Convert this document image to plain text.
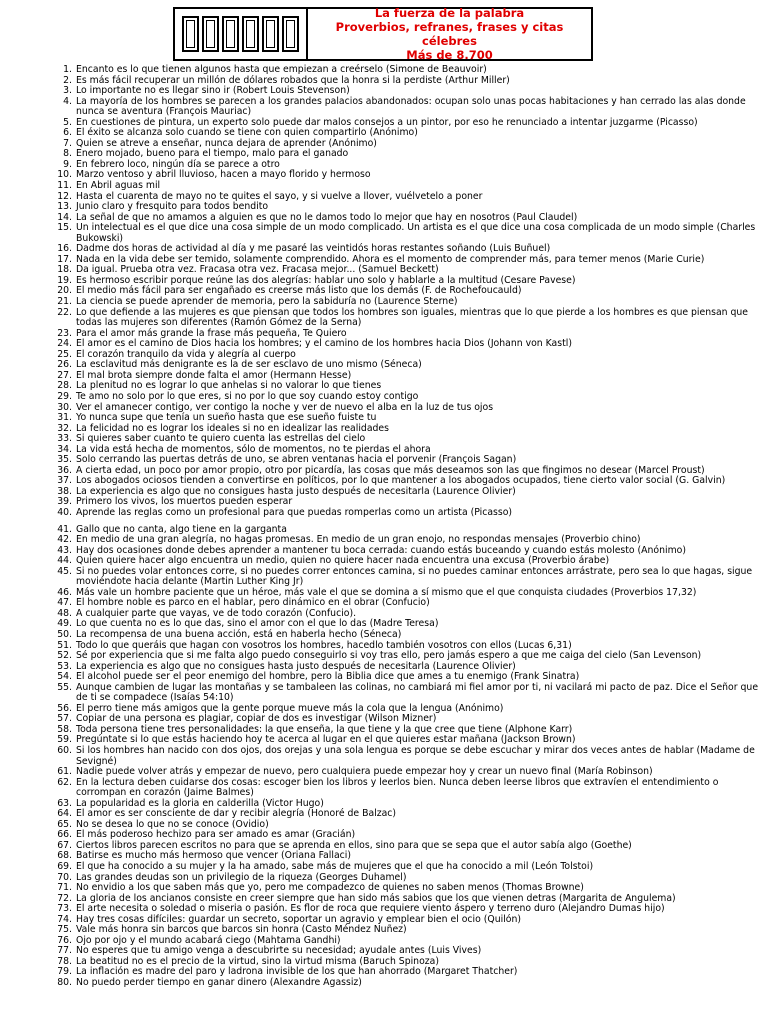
La fuerza de la palabra
Proverbios, refranes, frases y citas célebres
Más de 8.700
1. Encanto es lo que tienen algunos hasta que empiezan a creérselo (Simone de Beauvoir)
2. Es más fácil recuperar un millón de dólares robados que la honra si la perdiste (Arthur Miller)
3. Lo importante no es llegar sino ir (Robert Louis Stevenson)
4. La mayoría de los hombres se parecen a los grandes palacios abandonados: ocupan solo unas pocas habitaciones y han cerrado las alas donde nunca se aventura (François Mauriac)
5. En cuestiones de pintura, un experto solo puede dar malos consejos a un pintor, por eso he renunciado a intentar juzgarme (Picasso)
6. El éxito se alcanza solo cuando se tiene con quien compartirlo (Anónimo)
7. Quien se atreve a enseñar, nunca dejara de aprender (Anónimo)
8. Enero mojado, bueno para el tiempo, malo para el ganado
9. En febrero loco, ningún día se parece a otro
10. Marzo ventoso y abril lluvioso, hacen a mayo florido y hermoso
11. En Abril aguas mil
12. Hasta el cuarenta de mayo no te quites el sayo, y si vuelve a llover, vuélvetelo a poner
13. Junio claro y fresquito para todos bendito
14. La señal de que no amamos a alguien es que no le damos todo lo mejor que hay en nosotros (Paul Claudel)
15. Un intelectual es el que dice una cosa simple de un modo complicado. Un artista es el que dice una cosa complicada de un modo simple (Charles Bukowski)
16. Dadme dos horas de actividad al día y me pasaré las veintidós horas restantes soñando (Luis Buñuel)
17. Nada en la vida debe ser temido, solamente comprendido. Ahora es el momento de comprender más, para temer menos (Marie Curie)
18. Da igual. Prueba otra vez. Fracasa otra vez. Fracasa mejor... (Samuel Beckett)
19. Es hermoso escribir porque reúne las dos alegrías: hablar uno solo y hablarle a la multitud (Cesare Pavese)
20. El medio más fácil para ser engañado es creerse más listo que los demás (F. de Rochefoucauld)
21. La ciencia se puede aprender de memoria, pero la sabiduría no (Laurence Sterne)
22. Lo que defiende a las mujeres es que piensan que todos los hombres son iguales, mientras que lo que pierde a los hombres es que piensan que todas las mujeres son diferentes (Ramón Gómez de la Serna)
23. Para el amor más grande la frase más pequeña, Te Quiero
24. El amor es el camino de Dios hacia los hombres; y el camino de los hombres hacia Dios (Johann von Kastl)
25. El corazón tranquilo da vida y alegría al cuerpo
26. La esclavitud más denigrante es la de ser esclavo de uno mismo (Séneca)
27. El mal brota siempre donde falta el amor (Hermann Hesse)
28. La plenitud no es lograr lo que anhelas si no valorar lo que tienes
29. Te amo no solo por lo que eres, si no por lo que soy cuando estoy contigo
30. Ver el amanecer contigo, ver contigo la noche y ver de nuevo el alba en la luz de tus ojos
31. Yo nunca supe que tenía un sueño hasta que ese sueño fuiste tu
32. La felicidad no es lograr los ideales si no en idealizar las realidades
33. Si quieres saber cuanto te quiero cuenta las estrellas del cielo
34. La vida está hecha de momentos, sólo de momentos, no te pierdas el ahora
35. Solo cerrando las puertas detrás de uno, se abren ventanas hacia el porvenir (François Sagan)
36. A cierta edad, un poco por amor propio, otro por picardía, las cosas que más deseamos son las que fingimos no desear (Marcel Proust)
37. Los abogados ociosos tienden a convertirse en políticos, por lo que mantener a los abogados ocupados, tiene cierto valor social (G. Galvin)
38. La experiencia es algo que no consigues hasta justo después de necesitarla (Laurence Olivier)
39. Primero los vivos, los muertos pueden esperar
40. Aprende las reglas como un profesional para que puedas romperlas como un artista (Picasso)
41. Gallo que no canta, algo tiene en la garganta
42. En medio de una gran alegría, no hagas promesas. En medio de un gran enojo, no respondas mensajes (Proverbio chino)
43. Hay dos ocasiones donde debes aprender a mantener tu boca cerrada: cuando estás buceando y cuando estás molesto (Anónimo)
44. Quien quiere hacer algo encuentra un medio, quien no quiere hacer nada encuentra una excusa (Proverbio árabe)
45. Si no puedes volar entonces corre, si no puedes correr entonces camina, si no puedes caminar entonces arrástrate, pero sea lo que hagas, sigue moviéndote hacia delante (Martin Luther King Jr)
46. Más vale un hombre paciente que un héroe, más vale el que se domina a sí mismo que el que conquista ciudades (Proverbios 17,32)
47. El hombre noble es parco en el hablar, pero dinámico en el obrar (Confucio)
48. A cualquier parte que vayas, ve de todo corazón (Confucio).
49. Lo que cuenta no es lo que das, sino el amor con el que lo das (Madre Teresa)
50. La recompensa de una buena acción, está en haberla hecho (Séneca)
51. Todo lo que queráis que hagan con vosotros los hombres, hacedlo también vosotros con ellos (Lucas 6,31)
52. Sé por experiencia que si me falta algo puedo conseguirlo si voy tras ello, pero jamás espero a que me caiga del cielo (San Levenson)
53. La experiencia es algo que no consigues hasta justo después de necesitarla (Laurence Olivier)
54. El alcohol puede ser el peor enemigo del hombre, pero la Biblia dice que ames a tu enemigo (Frank Sinatra)
55. Aunque cambien de lugar las montañas y se tambaleen las colinas, no cambiará mi fiel amor por ti, ni vacilará mi pacto de paz. Dice el Señor que de ti se compadece (Isaías 54:10)
56. El perro tiene más amigos que la gente porque mueve más la cola que la lengua (Anónimo)
57. Copiar de una persona es plagiar, copiar de dos es investigar (Wilson Mizner)
58. Toda persona tiene tres personalidades: la que enseña, la que tiene y la que cree que tiene (Alphone Karr)
59. Pregúntate si lo que estás haciendo hoy te acerca al lugar en el que quieres estar mañana (Jackson Brown)
60. Si los hombres han nacido con dos ojos, dos orejas y una sola lengua es porque se debe escuchar y mirar dos veces antes de hablar (Madame de Sevigné)
61. Nadie puede volver atrás y empezar de nuevo, pero cualquiera puede empezar hoy y crear un nuevo final (María Robinson)
62. En la lectura deben cuidarse dos cosas: escoger bien los libros y leerlos bien. Nunca deben leerse libros que extravíen el entendimiento o corrompan en corazón (Jaime Balmes)
63. La popularidad es la gloria en calderilla (Victor Hugo)
64. El amor es ser consciente de dar y recibir alegría (Honoré de Balzac)
65. No se desea lo que no se conoce (Ovidio)
66. El más poderoso hechizo para ser amado es amar (Gracián)
67. Ciertos libros parecen escritos no para que se aprenda en ellos, sino para que se sepa que el autor sabía algo (Goethe)
68. Batirse es mucho más hermoso que vencer (Oriana Fallaci)
69. El que ha conocido a su mujer y la ha amado, sabe más de mujeres que el que ha conocido a mil (León Tolstoi)
70. Las grandes deudas son un privilegio de la riqueza (Georges Duhamel)
71. No envidio a los que saben más que yo, pero me compadezco de quienes no saben menos (Thomas Browne)
72. La gloria de los ancianos consiste en creer siempre que han sido más sabios que los que vienen detras (Margarita de Angulema)
73. El arte necesita o soledad o miseria o pasión. Es flor de roca que requiere viento áspero y terreno duro (Alejandro Dumas hijo)
74. Hay tres cosas difíciles: guardar un secreto, soportar un agravio y emplear bien el ocio (Quilón)
75. Vale más honra sin barcos que barcos sin honra (Casto Méndez Nuñez)
76. Ojo por ojo y el mundo acabará ciego (Mahtama Gandhi)
77. No esperes que tu amigo venga a descubrirte su necesidad; ayudale antes (Luis Vives)
78. La beatitud no es el precio de la virtud, sino la virtud misma (Baruch Spinoza)
79. La inflación es madre del paro y ladrona invisible de los que han ahorrado (Margaret Thatcher)
80. No puedo perder tiempo en ganar dinero (Alexandre Agassiz)
